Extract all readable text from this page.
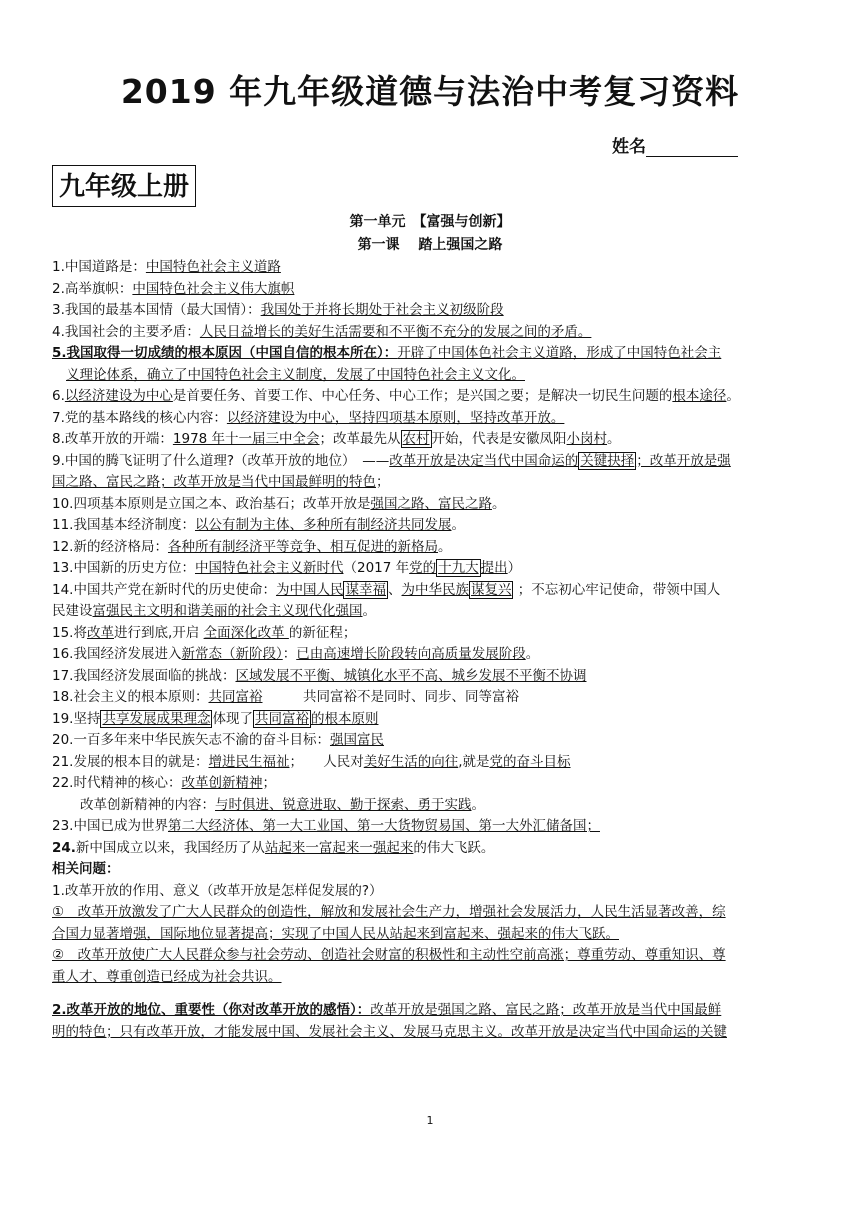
2019 年九年级道德与法治中考复习资料
姓名
九年级上册
第一单元　【富强与创新】
第一课　 踏上强国之路
1.中国道路是：中国特色社会主义道路
2.高举旗帜：中国特色社会主义伟大旗帜
3.我国的最基本国情（最大国情）：我国处于并将长期处于社会主义初级阶段
4.我国社会的主要矛盾：人民日益增长的美好生活需要和不平衡不充分的发展之间的矛盾。
5.我国取得一切成绩的根本原因（中国自信的根本所在）：开辟了中国体色社会主义道路，形成了中国特色社会主
义理论体系，确立了中国特色社会主义制度，发展了中国特色社会主义文化。
6.以经济建设为中心是首要任务、首要工作、中心任务、中心工作；是兴国之要；是解决一切民生问题的根本途径。
7.党的基本路线的核心内容：以经济建设为中心，坚持四项基本原则，坚持改革开放。
8.改革开放的开端：1978 年十一届三中全会；改革最先从 农村 开始，代表是安徽凤阳小岗村。
9.中国的腾飞证明了什么道理?（改革开放的地位）　——改革开放是决定当代中国命运的 关键抉择 ；改革开放是强
国之路、富民之路；改革开放是当代中国最鲜明的特色；
10.四项基本原则是立国之本、政治基石；改革开放是强国之路、富民之路。
11.我国基本经济制度：以公有制为主体、多种所有制经济共同发展。
12.新的经济格局：各种所有制经济平等竞争、相互促进的新格局。
13.中国新的历史方位：中国特色社会主义新时代（2017 年党的 十九大 提出）
14.中国共产党在新时代的历史使命：为中国人民 谋幸福 、为中华民族 谋复兴 ；不忘初心牢记使命，带领中国人
民建设富强民主文明和谐美丽的社会主义现代化强国。
15.将改革进行到底,开启 全面深化改革 的新征程；
16.我国经济发展进入新常态（新阶段）：已由高速增长阶段转向高质量发展阶段。
17.我国经济发展面临的挑战：区域发展不平衡、城镇化水平不高、城乡发展不平衡不协调
18.社会主义的根本原则：共同富裕　　　共同富裕不是同时、同步、同等富裕
19.坚持 共享发展成果理念 体现了 共同富裕 的根本原则
20.一百多年来中华民族矢志不渝的奋斗目标：强国富民
21.发展的根本目的就是：增进民生福祉；　　人民对美好生活的向往,就是党的奋斗目标
22.时代精神的核心：改革创新精神；
改革创新精神的内容：与时俱进、锐意进取、勤于探索、勇于实践。
23.中国已成为世界第二大经济体、第一大工业国、第一大货物贸易国、第一大外汇储备国；
24.新中国成立以来，我国经历了从站起来一富起来一强起来的伟大飞跃。
相关问题：
1.改革开放的作用、意义（改革开放是怎样促发展的?）
①　改革开放激发了广大人民群众的创造性，解放和发展社会生产力，增强社会发展活力，人民生活显著改善，综
合国力显著增强，国际地位显著提高；实现了中国人民从站起来到富起来、强起来的伟大飞跃。
②　改革开放使广大人民群众参与社会劳动、创造社会财富的积极性和主动性空前高涨；尊重劳动、尊重知识、尊
重人才、尊重创造已经成为社会共识。
2.改革开放的地位、重要性（你对改革开放的感悟）：改革开放是强国之路、富民之路；改革开放是当代中国最鲜
明的特色；只有改革开放，才能发展中国、发展社会主义、发展马克思主义。改革开放是决定当代中国命运的关键
1
